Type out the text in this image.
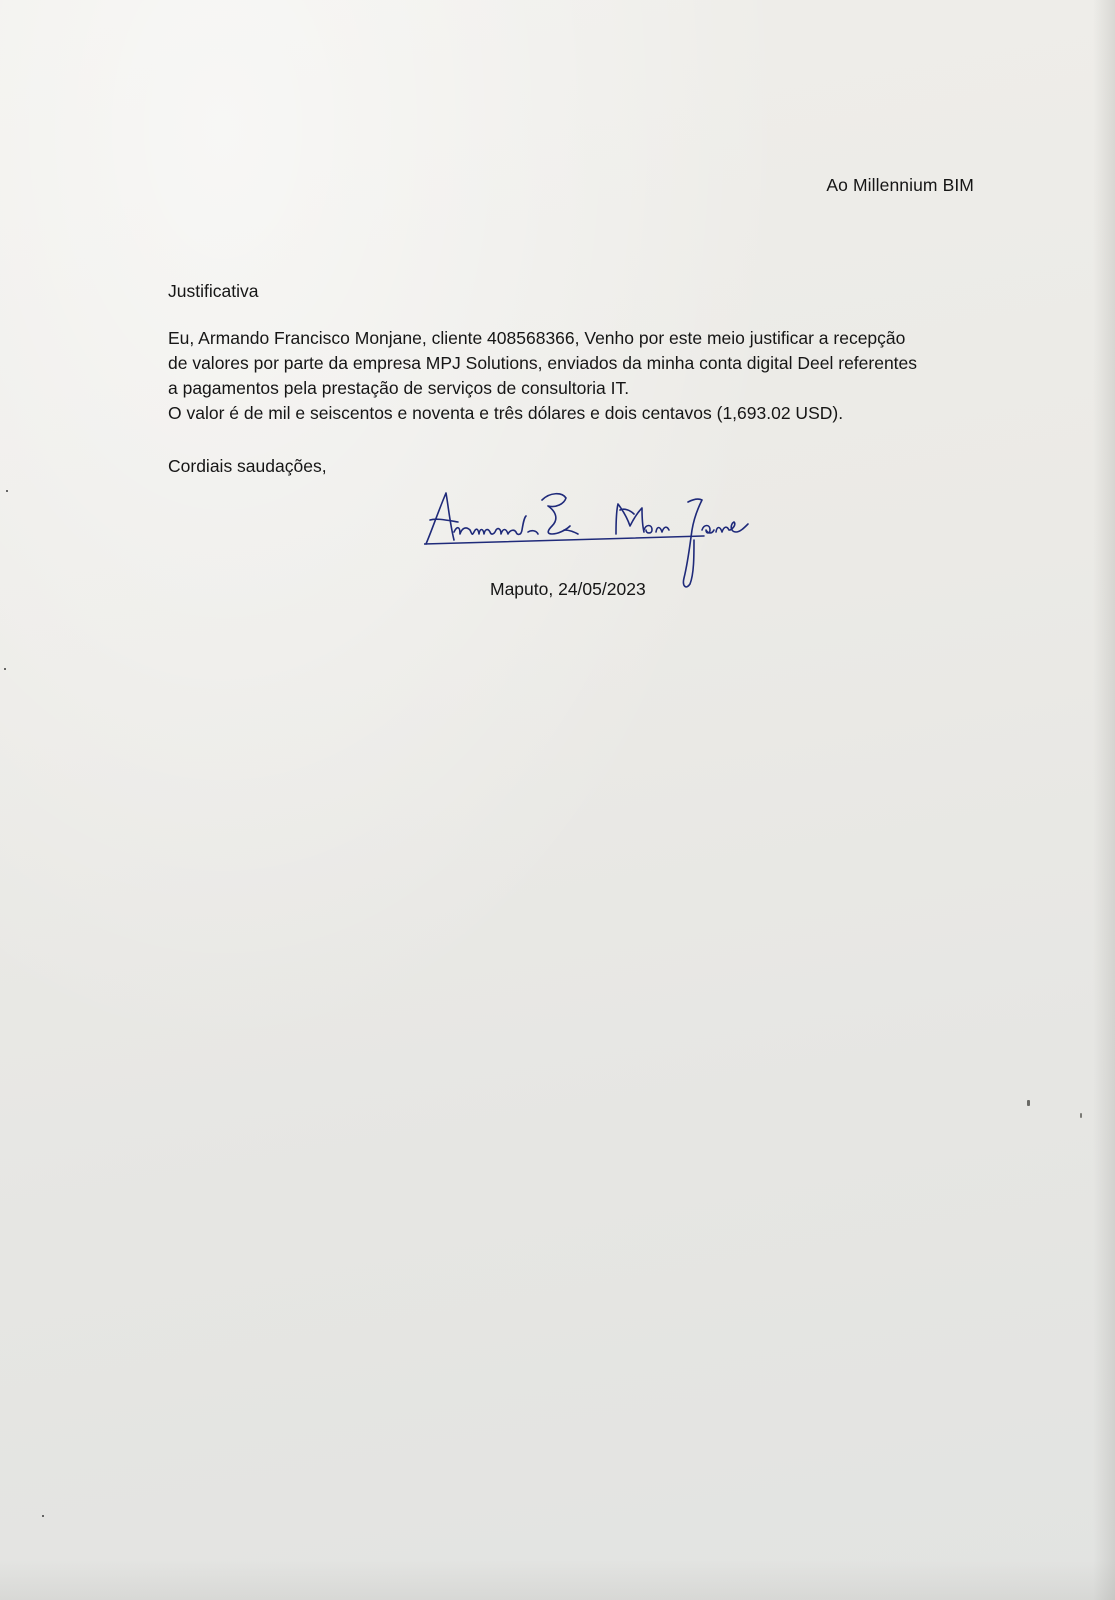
Ao Millennium BIM
Justificativa

Eu, Armando Francisco Monjane, cliente 408568366, Venho por este meio justificar a recepção

de valores por parte da empresa MPJ Solutions, enviados da minha conta digital Deel referentes

a pagamentos pela prestação de serviços de consultoria IT.

O valor é de mil e seiscentos e noventa e três dólares e dois centavos (1,693.02 USD).

Cordiais saudações,
Maputo, 24/05/2023
